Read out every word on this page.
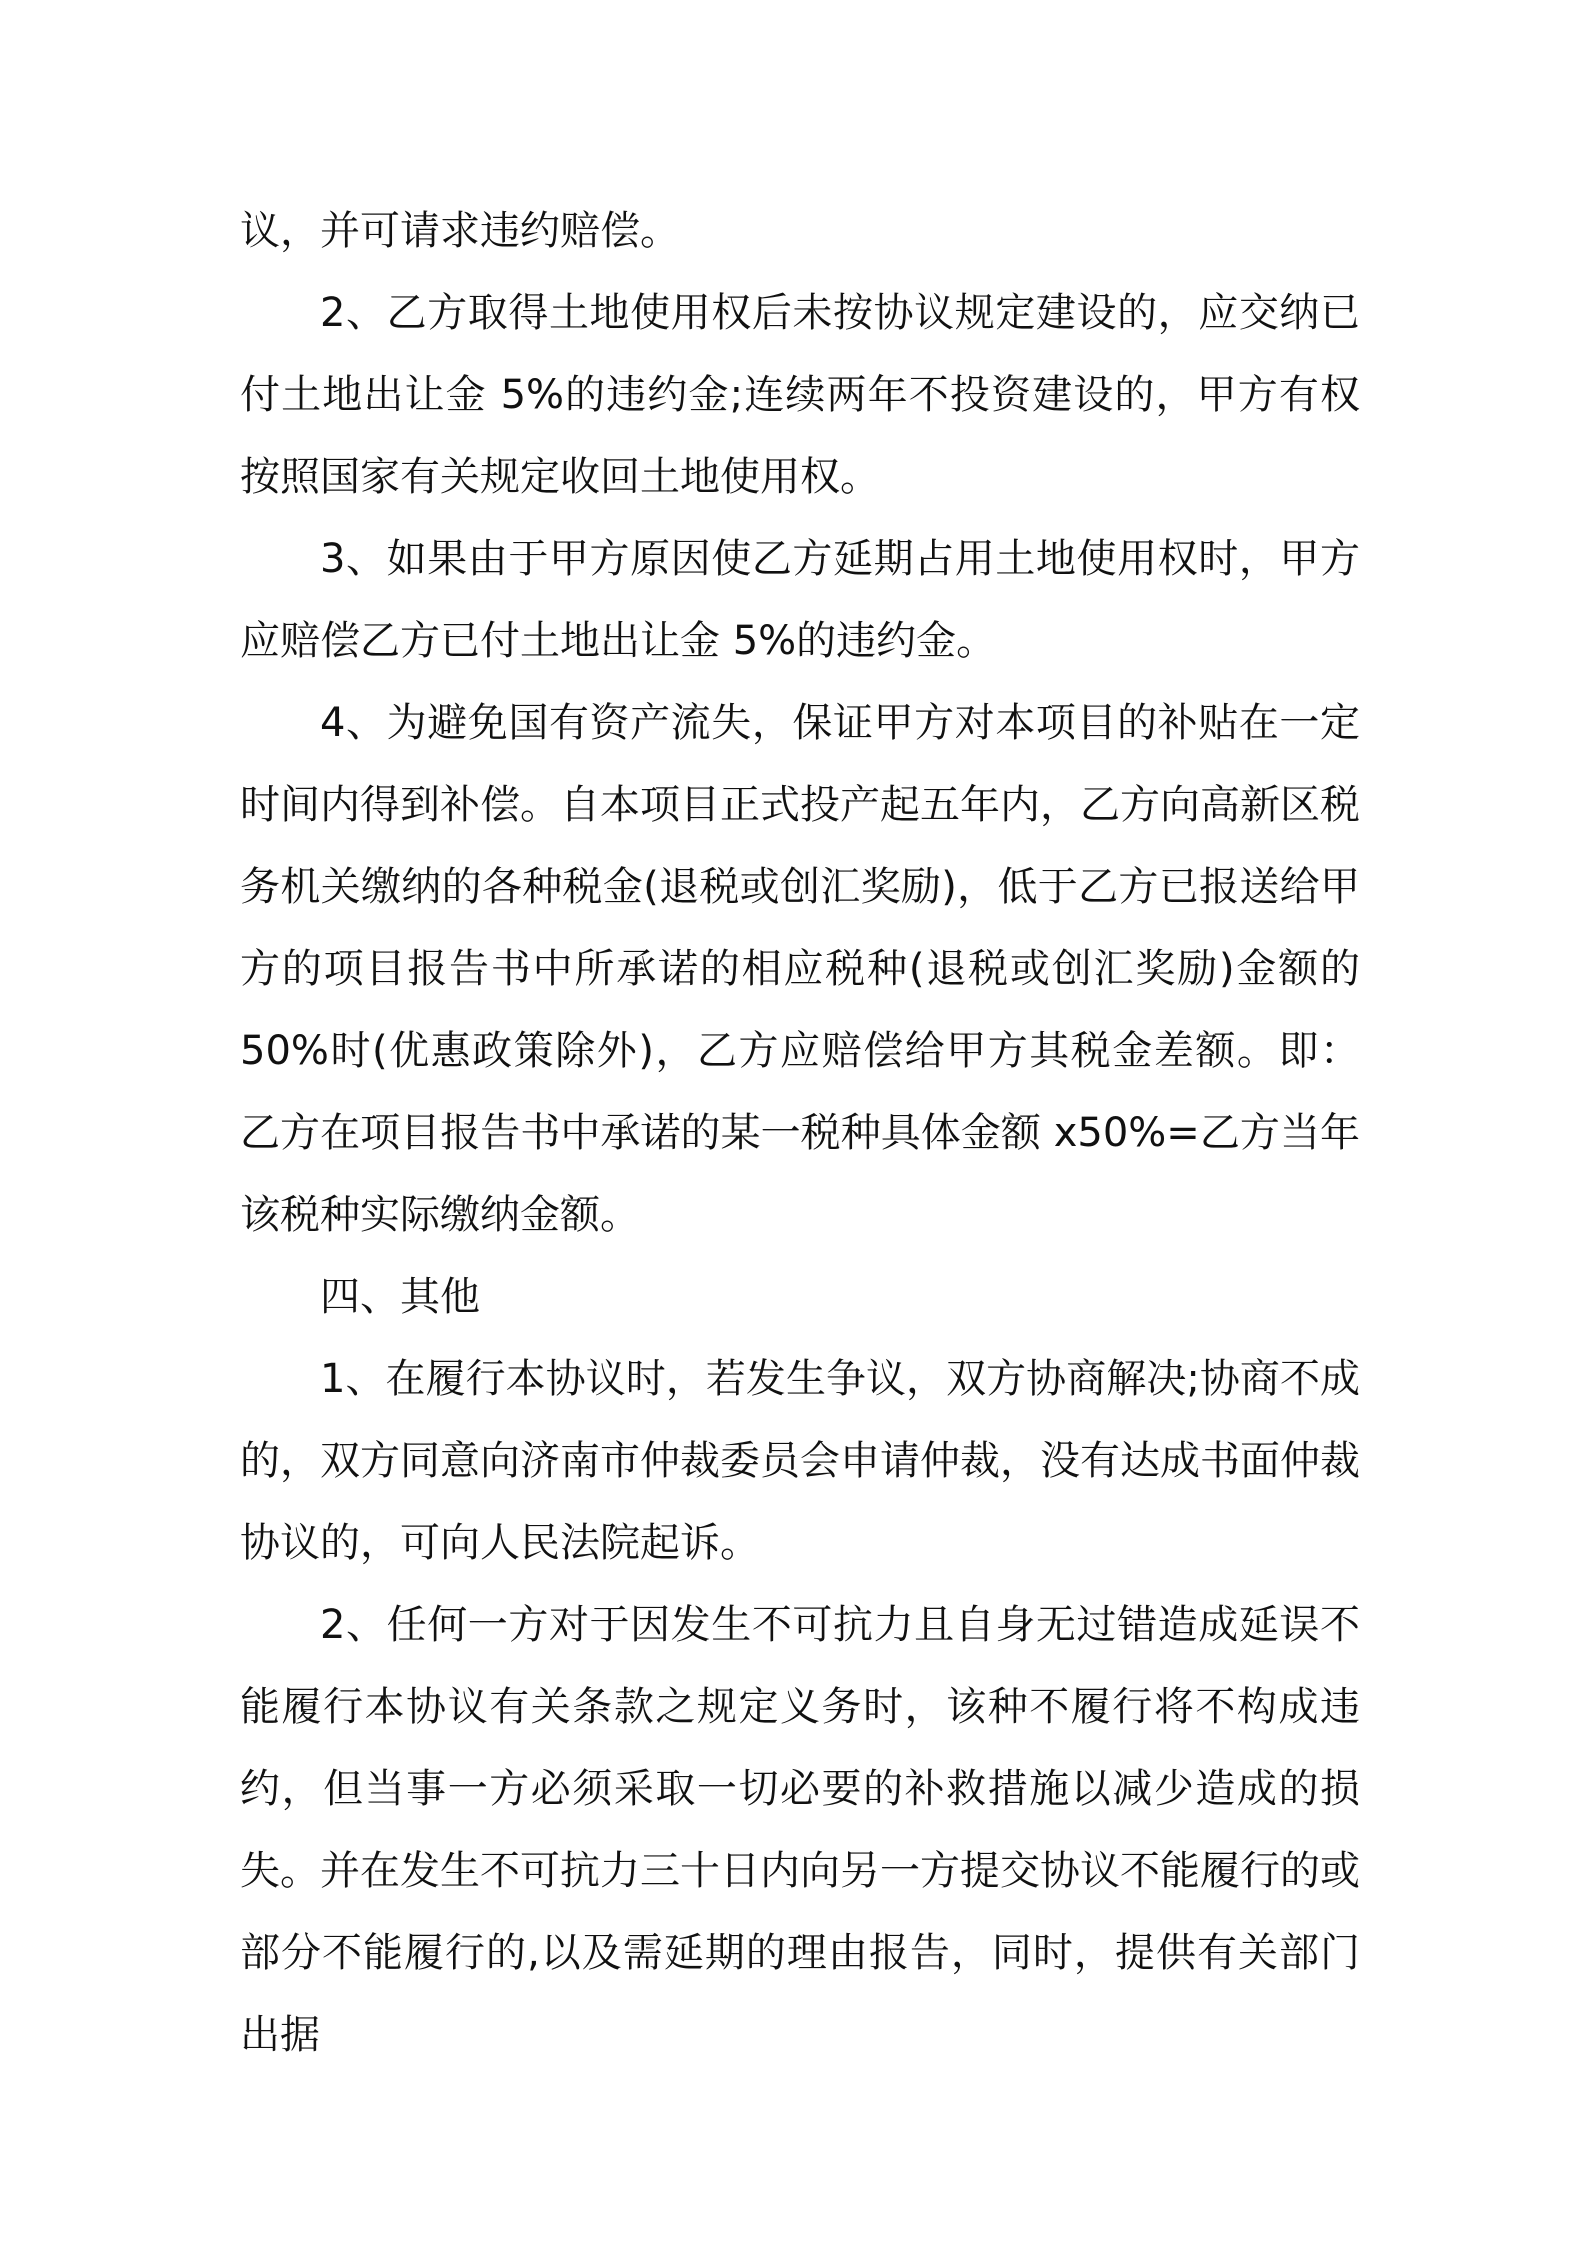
议，并可请求违约赔偿。

2、乙方取得土地使用权后未按协议规定建设的，应交纳已付土地出让金 5%的违约金;连续两年不投资建设的，甲方有权按照国家有关规定收回土地使用权。

3、如果由于甲方原因使乙方延期占用土地使用权时，甲方应赔偿乙方已付土地出让金 5%的违约金。

4、为避免国有资产流失，保证甲方对本项目的补贴在一定时间内得到补偿。自本项目正式投产起五年内，乙方向高新区税务机关缴纳的各种税金(退税或创汇奖励)，低于乙方已报送给甲方的项目报告书中所承诺的相应税种(退税或创汇奖励)金额的50%时(优惠政策除外)，乙方应赔偿给甲方其税金差额。即：乙方在项目报告书中承诺的某一税种具体金额 x50%=乙方当年该税种实际缴纳金额。

四、其他

1、在履行本协议时，若发生争议，双方协商解决;协商不成的，双方同意向济南市仲裁委员会申请仲裁，没有达成书面仲裁协议的，可向人民法院起诉。

2、任何一方对于因发生不可抗力且自身无过错造成延误不能履行本协议有关条款之规定义务时，该种不履行将不构成违约，但当事一方必须采取一切必要的补救措施以减少造成的损失。并在发生不可抗力三十日内向另一方提交协议不能履行的或部分不能履行的,以及需延期的理由报告，同时，提供有关部门出据
